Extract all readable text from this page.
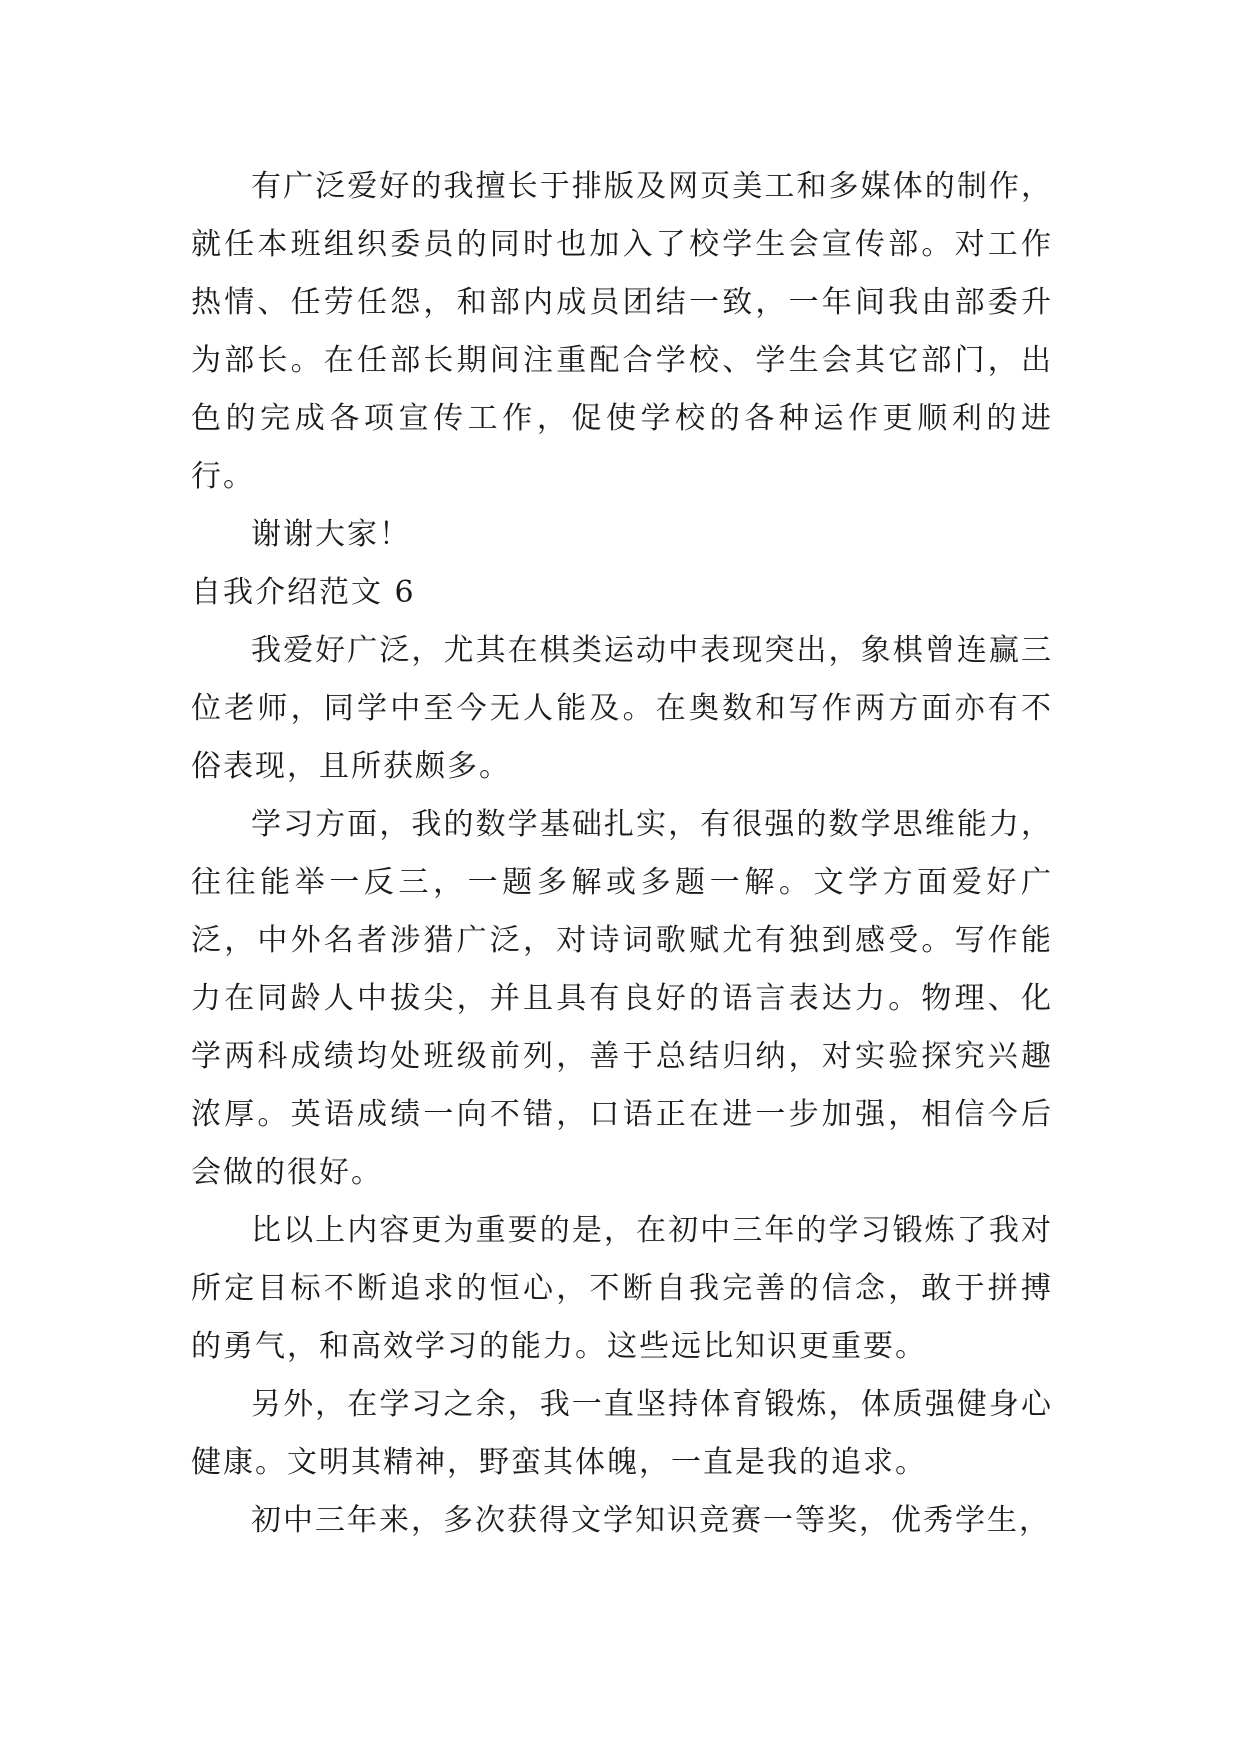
有广泛爱好的我擅长于排版及网页美工和多媒体的制作，就任本班组织委员的同时也加入了校学生会宣传部。对工作热情、任劳任怨，和部内成员团结一致，一年间我由部委升为部长。在任部长期间注重配合学校、学生会其它部门，出色的完成各项宣传工作，促使学校的各种运作更顺利的进行。

谢谢大家！

自我介绍范文 6

我爱好广泛，尤其在棋类运动中表现突出，象棋曾连赢三位老师，同学中至今无人能及。在奥数和写作两方面亦有不俗表现，且所获颇多。

学习方面，我的数学基础扎实，有很强的数学思维能力，往往能举一反三，一题多解或多题一解。文学方面爱好广泛，中外名者涉猎广泛，对诗词歌赋尤有独到感受。写作能力在同龄人中拔尖，并且具有良好的语言表达力。物理、化学两科成绩均处班级前列，善于总结归纳，对实验探究兴趣浓厚。英语成绩一向不错，口语正在进一步加强，相信今后会做的很好。

比以上内容更为重要的是，在初中三年的学习锻炼了我对所定目标不断追求的恒心，不断自我完善的信念，敢于拼搏的勇气，和高效学习的能力。这些远比知识更重要。

另外，在学习之余，我一直坚持体育锻炼，体质强健身心健康。文明其精神，野蛮其体魄，一直是我的追求。

初中三年来，多次获得文学知识竞赛一等奖，优秀学生，
